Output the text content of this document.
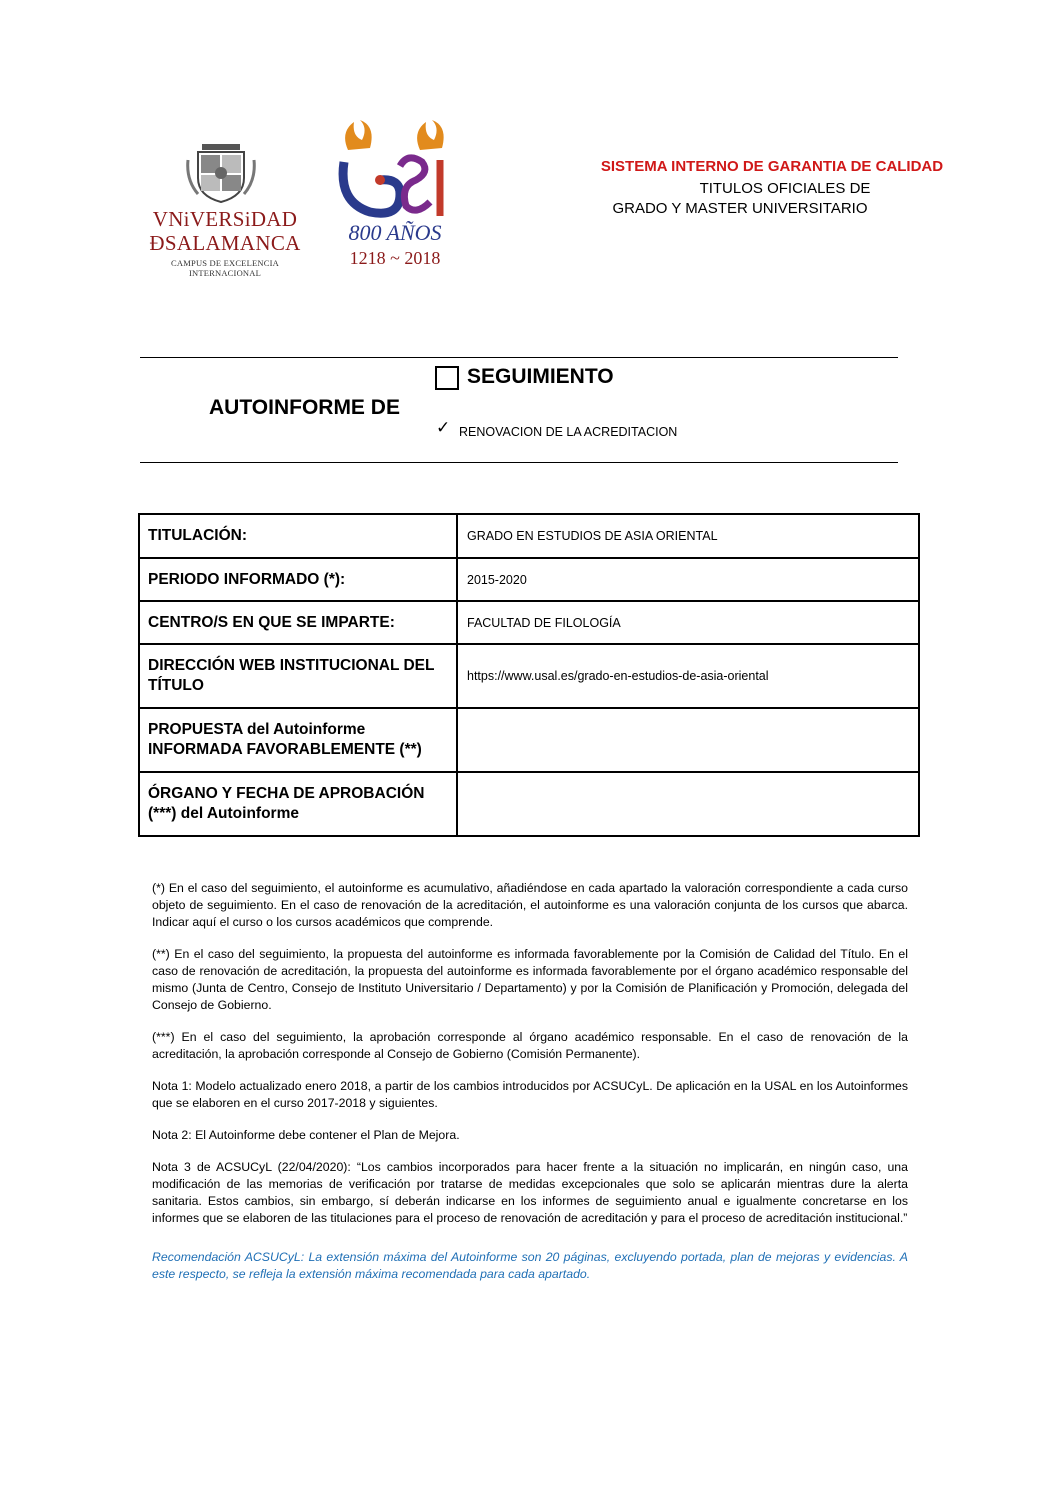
VNiVERSiDAD
ÐSALAMANCA
CAMPUS DE EXCELENCIA INTERNACIONAL
800 AÑOS
1218 ~ 2018
SISTEMA INTERNO DE GARANTIA DE CALIDAD
TITULOS OFICIALES DE
GRADO Y MASTER UNIVERSITARIO
SEGUIMIENTO
AUTOINFORME DE
✓ RENOVACION DE LA ACREDITACION
TITULACIÓN:	GRADO EN ESTUDIOS DE ASIA ORIENTAL
PERIODO INFORMADO (*):	2015-2020
CENTRO/S EN QUE SE IMPARTE:	FACULTAD DE FILOLOGÍA
DIRECCIÓN WEB INSTITUCIONAL DEL TÍTULO	https://www.usal.es/grado-en-estudios-de-asia-oriental
PROPUESTA del Autoinforme INFORMADA FAVORABLEMENTE (**)	
ÓRGANO Y FECHA DE APROBACIÓN (***) del Autoinforme	

(*) En el caso del seguimiento, el autoinforme es acumulativo, añadiéndose en cada apartado la valoración correspondiente a cada curso objeto de seguimiento. En el caso de renovación de la acreditación, el autoinforme es una valoración conjunta de los cursos que abarca. Indicar aquí el curso o los cursos académicos que comprende.

(**) En el caso del seguimiento, la propuesta del autoinforme es informada favorablemente por la Comisión de Calidad del Título. En el caso de renovación de acreditación, la propuesta del autoinforme es informada favorablemente por el órgano académico responsable del mismo (Junta de Centro, Consejo de Instituto Universitario / Departamento) y por la Comisión de Planificación y Promoción, delegada del Consejo de Gobierno.

(***) En el caso del seguimiento, la aprobación corresponde al órgano académico responsable. En el caso de renovación de la acreditación, la aprobación corresponde al Consejo de Gobierno (Comisión Permanente).

Nota 1: Modelo actualizado enero 2018, a partir de los cambios introducidos por ACSUCyL. De aplicación en la USAL en los Autoinformes que se elaboren en el curso 2017-2018 y siguientes.

Nota 2: El Autoinforme debe contener el Plan de Mejora.

Nota 3 de ACSUCyL (22/04/2020): “Los cambios incorporados para hacer frente a la situación no implicarán, en ningún caso, una modificación de las memorias de verificación por tratarse de medidas excepcionales que solo se aplicarán mientras dure la alerta sanitaria. Estos cambios, sin embargo, sí deberán indicarse en los informes de seguimiento anual e igualmente concretarse en los informes que se elaboren de las titulaciones para el proceso de renovación de acreditación y para el proceso de acreditación institucional.”

Recomendación ACSUCyL: La extensión máxima del Autoinforme son 20 páginas, excluyendo portada, plan de mejoras y evidencias. A este respecto, se refleja la extensión máxima recomendada para cada apartado.
